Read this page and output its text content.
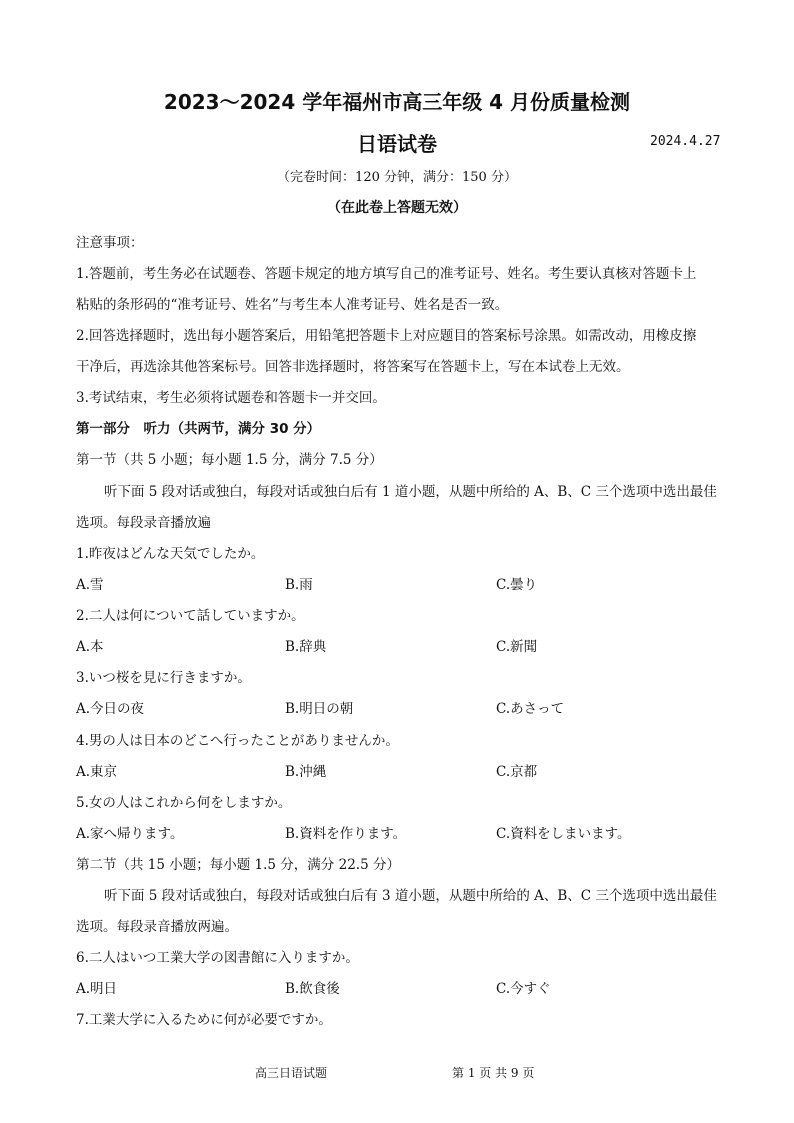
2023～2024 学年福州市高三年级 4 月份质量检测
日语试卷	2024.4.27
（完卷时间：120 分钟，满分：150 分）
（在此卷上答题无效）
注意事项：
1.答题前，考生务必在试题卷、答题卡规定的地方填写自己的准考证号、姓名。考生要认真核对答题卡上
粘贴的条形码的“准考证号、姓名”与考生本人准考证号、姓名是否一致。
2.回答选择题时，选出每小题答案后，用铅笔把答题卡上对应题目的答案标号涂黑。如需改动，用橡皮擦
干净后，再选涂其他答案标号。回答非选择题时，将答案写在答题卡上，写在本试卷上无效。
3.考试结束，考生必须将试题卷和答题卡一并交回。
第一部分　听力（共两节，满分 30 分）
第一节（共 5 小题；每小题 1.5 分，满分 7.5 分）
听下面 5 段对话或独白，每段对话或独白后有 1 道小题，从题中所给的 A、B、C 三个选项中选出最佳
选项。每段录音播放遍
1.昨夜はどんな天気でしたか。
A.雪	B.雨	C.曇り
2.二人は何について話していますか。
A.本	B.辞典	C.新聞
3.いつ桜を見に行きますか。
A.今日の夜	B.明日の朝	C.あさって
4.男の人は日本のどこへ行ったことがありませんか。
A.東京	B.沖縄	C.京都
5.女の人はこれから何をしますか。
A.家へ帰ります。	B.資料を作ります。	C.資料をしまいます。
第二节（共 15 小题；每小题 1.5 分，满分 22.5 分）
听下面 5 段对话或独白，每段对话或独白后有 3 道小题，从题中所给的 A、B、C 三个选项中选出最佳
选项。每段录音播放两遍。
6.二人はいつ工業大学の図書館に入りますか。
A.明日	B.飲食後	C.今すぐ
7.工業大学に入るために何が必要ですか。
高三日语试题	第 1 页 共 9 页
